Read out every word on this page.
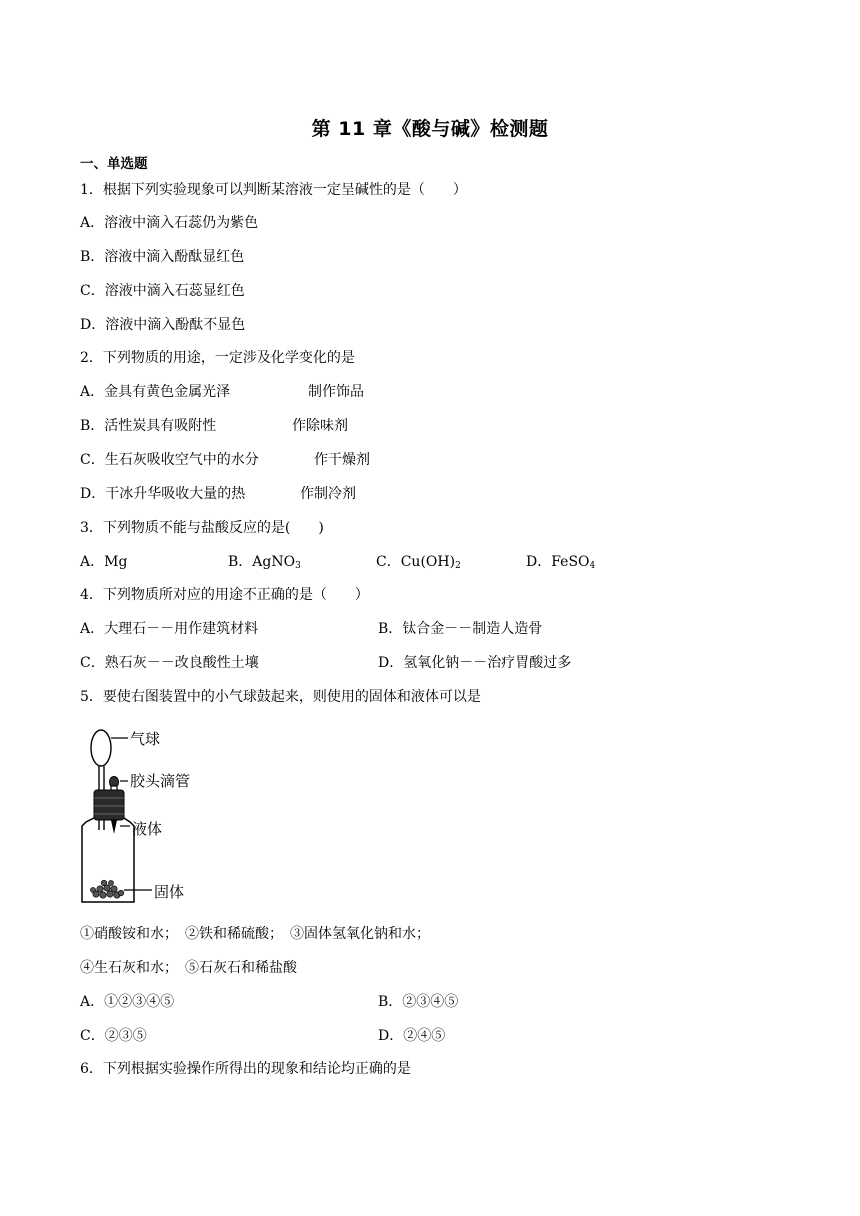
第 11 章《酸与碱》检测题
一、单选题
1．根据下列实验现象可以判断某溶液一定呈碱性的是（　　）
A．溶液中滴入石蕊仍为紫色
B．溶液中滴入酚酞显红色
C．溶液中滴入石蕊显红色
D．溶液中滴入酚酞不显色
2．下列物质的用途，一定涉及化学变化的是
A．金具有黄色金属光泽	制作饰品
B．活性炭具有吸附性	作除味剂
C．生石灰吸收空气中的水分	作干燥剂
D．干冰升华吸收大量的热	作制冷剂
3．下列物质不能与盐酸反应的是(　　)
A．Mg	B．AgNO$_3$	C．$Cu(OH)_2$	D．FeSO$_4$
4．下列物质所对应的用途不正确的是（　　）
A．大理石－－用作建筑材料	B．钛合金－－制造人造骨
C．熟石灰－－改良酸性土壤	D．氢氧化钠－－治疗胃酸过多
5．要使右图装置中的小气球鼓起来，则使用的固体和液体可以是
气球
胶头滴管
液体
固体
①硝酸铵和水；　②铁和稀硫酸；　③固体氢氧化钠和水；
④生石灰和水；　⑤石灰石和稀盐酸
A．①②③④⑤	B．②③④⑤
C．②③⑤	D．②④⑤
6．下列根据实验操作所得出的现象和结论均正确的是
